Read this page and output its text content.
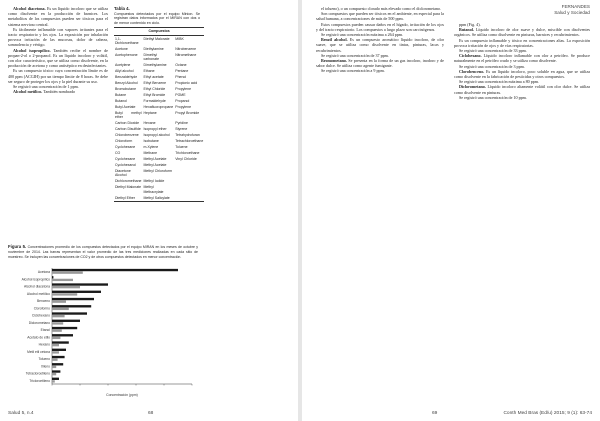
Alcohol diacetona. Es un líquido incoloro que se utiliza como disolvente en la producción de barnices. Los metabolitos de los compuestos pueden ser tóxicos para el sistema nervioso central.

Es fácilmente inflamable con vapores irritantes para el tracto respiratorio y los ojos. La exposición por inhalación provoca irritación de las mucosas, dolor de cabeza, somnolencia y vértigo.

Alcohol isopropílico. También recibe el nombre de propan-2-ol o 2-propanol. Es un líquido incoloro y volátil, con olor característico, que se utiliza como disolvente, en la producción de acetona y como antiséptico en desinfectantes.

Es un compuesto tóxico cuya concentración límite es de 400 ppm (ACGIH) por un tiempo límite de 8 horas. Se debe ser seguro de proteger los ojos y la piel durante su uso.

Se registró una concentración de 1 ppm.

Alcohol metílico. También nombrado

Tabla 4.
Compuestos detectados por el equipo Minion. Se registran datos informados por el MIRAN con dos o de menor contenido en ciclo.
Compuestos		
1,1-Dichloroethane	Diethyl Malonate	MIBK
Acetone	Diethylamine	Nitrobenzene
Acetophenone	Dimethyl carbonate	Nitromethane
Acetylene	Dimethylamine	Octane
Allyl alcohol	Ethane	Pentane
Benzaldehyde	Ethyl acetate	Phenol
Benzyl Alcohol	Ethyl Benzene	Propionic acid
Bromobutane	Ethyl Chloride	Propylene
Butane	Ethyl Bromide	PGME
Butanol	Formaldehyde	Propanol
Butyl Acetate	Hexafluoropropane	Propylene
Butyl methyl ether	Heptane	Propyl Bromide
Carbon Dioxide	Hexane	Pyridine
Carbon Disulfide	Isopropyl ether	Styrene
Chlorobenzene	Isopropyl alcohol	Tetrahydrofuran
Chloroform	Isobutane	Tetrachloroethane
Cyclohexane	m-Xylene	Toluene
CO	Methane	Trichloroethane
Cyclohexane	Methyl Acetate	Vinyl Chloride
Cyclohexanol	Methyl Acetate	
Diacetone Alcohol	Methyl Chloroform	
Dichloromethane	Methyl Iodide	
Diethyl Malonate	Methyl Methacrylate	
Diethyl Ether	Methyl Salicylate	
Figura 5. Concentraciones promedio de los compuestos detectados por el equipo MIRAN en los meses de octubre y noviembre de 2014. Las barras representan el valor promedio de las tres mediciones realizadas en cada sitio de muestreo. Se incluyen las concentraciones de CO2 y de otros compuestos detectados en menor concentración.
Acetona
Alcohol isopropílico
Alcohol diacetona
Alcohol metílico
Benceno
Cloroformo
Ciclohexano
Diclorometano
Etanol
Acetato de etilo
Hexano
Metil etil cetona
Tolueno
Xileno
Tetracloroetileno
Tricloroetileno
Concentración (ppm)
Salud 5, n.4	68
FERNANDES
Salud y Sociedad

el tolueno), o un compuesto clorado más elevado como el diclorometano.

Son compuestos que pueden ser tóxicos en el ambiente, en especial para la salud humana, a concentraciones de más de 500 ppm.

Estos compuestos pueden causar daños en el hígado, irritación de los ojos y del tracto respiratorio. Los compuestos a largo plazo son carcinógenos.

Se registró una concentración máxima a 264 ppm.

Benzil alcohol. Es un compuesto aromático líquido incoloro, de olor suave, que se utiliza como disolvente en tintas, pinturas, lacas y recubrimientos.

Se registró una concentración de 37 ppm.

Bromometano. Se presenta en la forma de un gas incoloro, inodoro y de sabor dulce. Se utiliza como agente fumigante.

Se registró una concentración a 9 ppm.

ppm (Fig. 4).

Butanol. Líquido incoloro de olor suave y dulce, miscible con disolventes orgánicos. Se utiliza como disolvente en pinturas, barnices y recubrimientos.

Es un compuesto inflamable y tóxico en concentraciones altas. La exposición provoca irritación de ojos y de vías respiratorias.

Se registró una concentración de 33 ppm.

Ciclohexano. Líquido incoloro inflamable con olor a petróleo. Se produce naturalmente en el petróleo crudo y se utiliza como disolvente.

Se registró una concentración de 3 ppm.

Clorobenceno. Es un líquido incoloro, poco soluble en agua, que se utiliza como disolvente en la fabricación de pesticidas y otros compuestos.

Se registró una concentración máxima a 80 ppm.

Diclorometano. Líquido incoloro altamente volátil con olor dulce. Se utiliza como disolvente en pinturas.

Se registró una concentración de 10 ppm.

69	Conth Med Bras (Ed/u) 2015; 9 (1): 63-74
